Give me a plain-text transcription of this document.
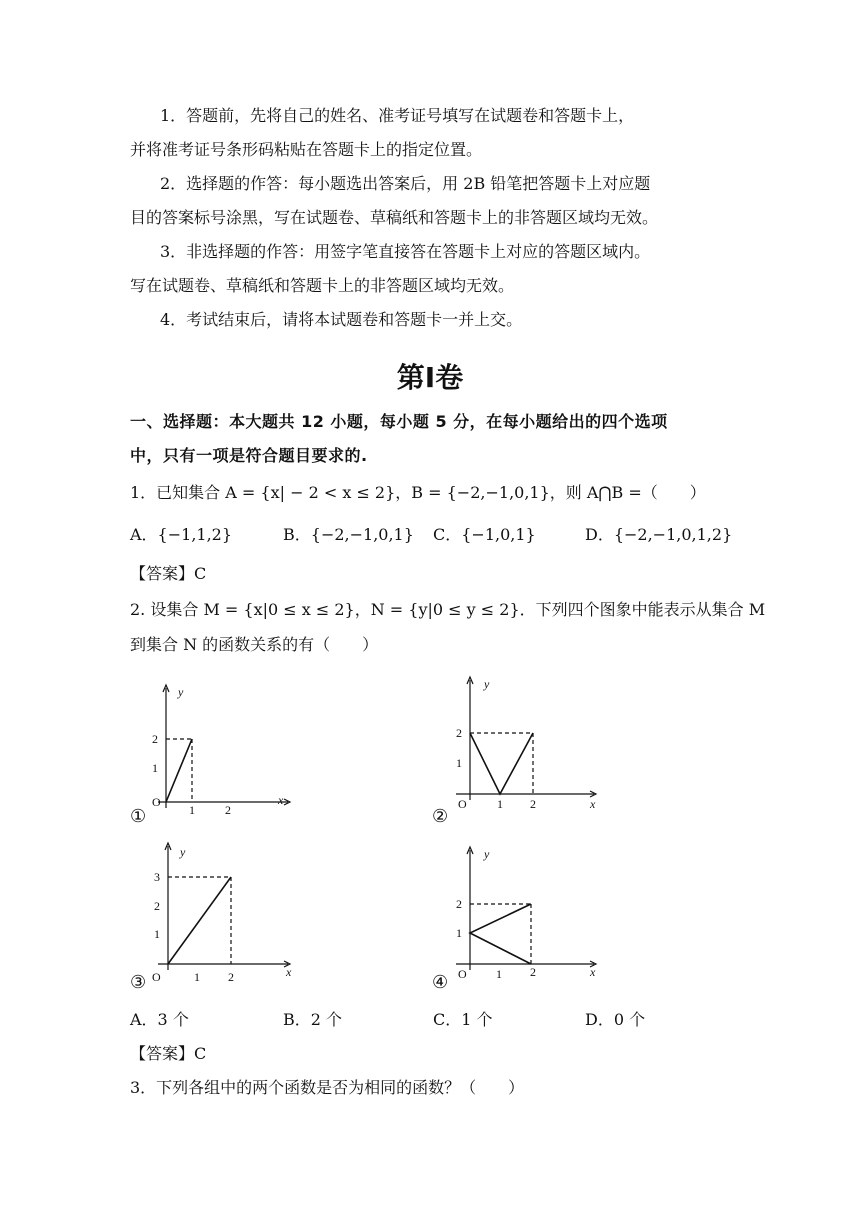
1．答题前，先将自己的姓名、准考证号填写在试题卷和答题卡上，
并将准考证号条形码粘贴在答题卡上的指定位置。
2．选择题的作答：每小题选出答案后，用 2B 铅笔把答题卡上对应题
目的答案标号涂黑，写在试题卷、草稿纸和答题卡上的非答题区域均无效。
3．非选择题的作答：用签字笔直接答在答题卡上对应的答题区域内。
写在试题卷、草稿纸和答题卡上的非答题区域均无效。
4．考试结束后，请将本试题卷和答题卡一并上交。
第Ⅰ卷
一、选择题：本大题共 12 小题，每小题 5 分，在每小题给出的四个选项
中，只有一项是符合题目要求的.
1．已知集合 A = {x| − 2 < x ≤ 2}，B = {−2,−1,0,1}，则 A⋂B =（　　）
A．{−1,1,2}	B．{−2,−1,0,1} C．{−1,0,1}	D．{−2,−1,0,1,2}
【答案】C
2. 设集合 M = {x|0 ≤ x ≤ 2}，N = {y|0 ≤ y ≤ 2}．下列四个图象中能表示从集合 M
到集合 N 的函数关系的有（　　）
y
x
O
2
1
1	2
①
y
x
O
2
1
1 2
②
y
x
O
3
2
1
1 2
③
y
x
O
2
1
1 2
④
A．3 个	B．2 个	C．1 个	D．0 个
【答案】C
3．下列各组中的两个函数是否为相同的函数？（　　）
